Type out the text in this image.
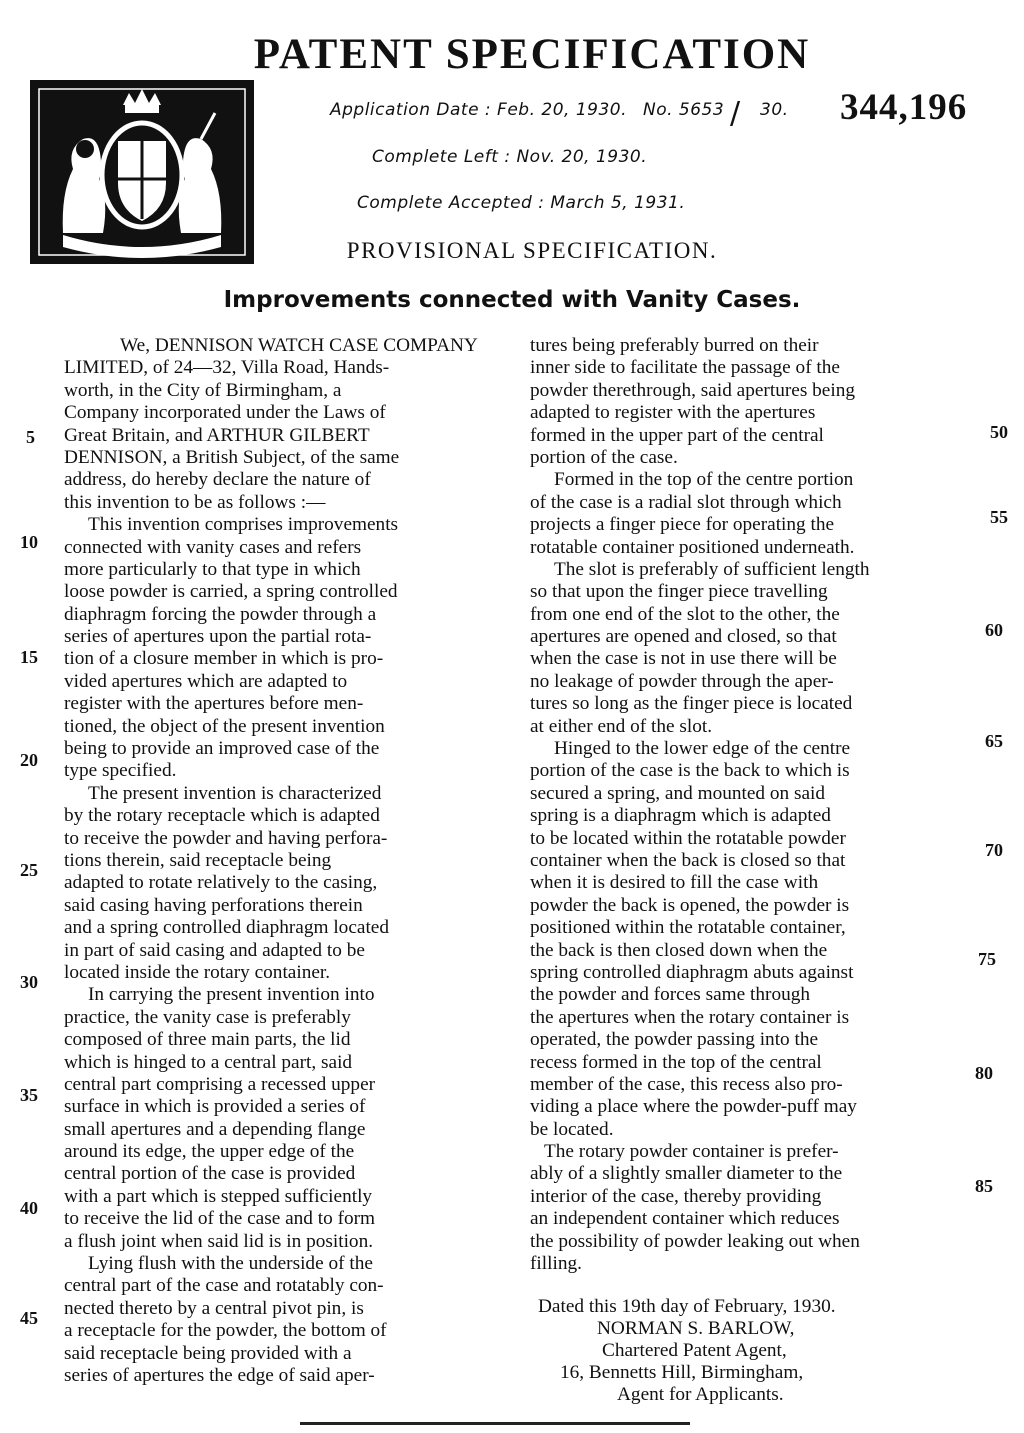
PATENT SPECIFICATION
Application Date : Feb. 20, 1930. No. 5653 / 30. 344,196
Complete Left : Nov. 20, 1930.
Complete Accepted : March 5, 1931.
PROVISIONAL SPECIFICATION.
Improvements connected with Vanity Cases.
We, DENNISON WATCH CASE COMPANY
LIMITED, of 24—32, Villa Road, Hands-
worth, in the City of Birmingham, a
Company incorporated under the Laws of
Great Britain, and ARTHUR GILBERT
DENNISON, a British Subject, of the same
address, do hereby declare the nature of
this invention to be as follows :—
This invention comprises improvements
connected with vanity cases and refers
more particularly to that type in which
loose powder is carried, a spring controlled
diaphragm forcing the powder through a
series of apertures upon the partial rota-
tion of a closure member in which is pro-
vided apertures which are adapted to
register with the apertures before men-
tioned, the object of the present invention
being to provide an improved case of the
type specified.
The present invention is characterized
by the rotary receptacle which is adapted
to receive the powder and having perfora-
tions therein, said receptacle being
adapted to rotate relatively to the casing,
said casing having perforations therein
and a spring controlled diaphragm located
in part of said casing and adapted to be
located inside the rotary container.
In carrying the present invention into
practice, the vanity case is preferably
composed of three main parts, the lid
which is hinged to a central part, said
central part comprising a recessed upper
surface in which is provided a series of
small apertures and a depending flange
around its edge, the upper edge of the
central portion of the case is provided
with a part which is stepped sufficiently
to receive the lid of the case and to form
a flush joint when said lid is in position.
Lying flush with the underside of the
central part of the case and rotatably con-
nected thereto by a central pivot pin, is
a receptacle for the powder, the bottom of
said receptacle being provided with a
series of apertures the edge of said aper-
5
10
15
20
25
30
35
40
45
tures being preferably burred on their
inner side to facilitate the passage of the
powder therethrough, said apertures being
adapted to register with the apertures
formed in the upper part of the central
portion of the case.
Formed in the top of the centre portion
of the case is a radial slot through which
projects a finger piece for operating the
rotatable container positioned underneath.
The slot is preferably of sufficient length
so that upon the finger piece travelling
from one end of the slot to the other, the
apertures are opened and closed, so that
when the case is not in use there will be
no leakage of powder through the aper-
tures so long as the finger piece is located
at either end of the slot.
Hinged to the lower edge of the centre
portion of the case is the back to which is
secured a spring, and mounted on said
spring is a diaphragm which is adapted
to be located within the rotatable powder
container when the back is closed so that
when it is desired to fill the case with
powder the back is opened, the powder is
positioned within the rotatable container,
the back is then closed down when the
spring controlled diaphragm abuts against
the powder and forces same through
the apertures when the rotary container is
operated, the powder passing into the
recess formed in the top of the central
member of the case, this recess also pro-
viding a place where the powder-puff may
be located.
The rotary powder container is prefer-
ably of a slightly smaller diameter to the
interior of the case, thereby providing
an independent container which reduces
the possibility of powder leaking out when
filling.
50
55
60
65
70
75
80
85
Dated this 19th day of February, 1930.
NORMAN S. BARLOW,
Chartered Patent Agent,
16, Bennetts Hill, Birmingham,
Agent for Applicants.
